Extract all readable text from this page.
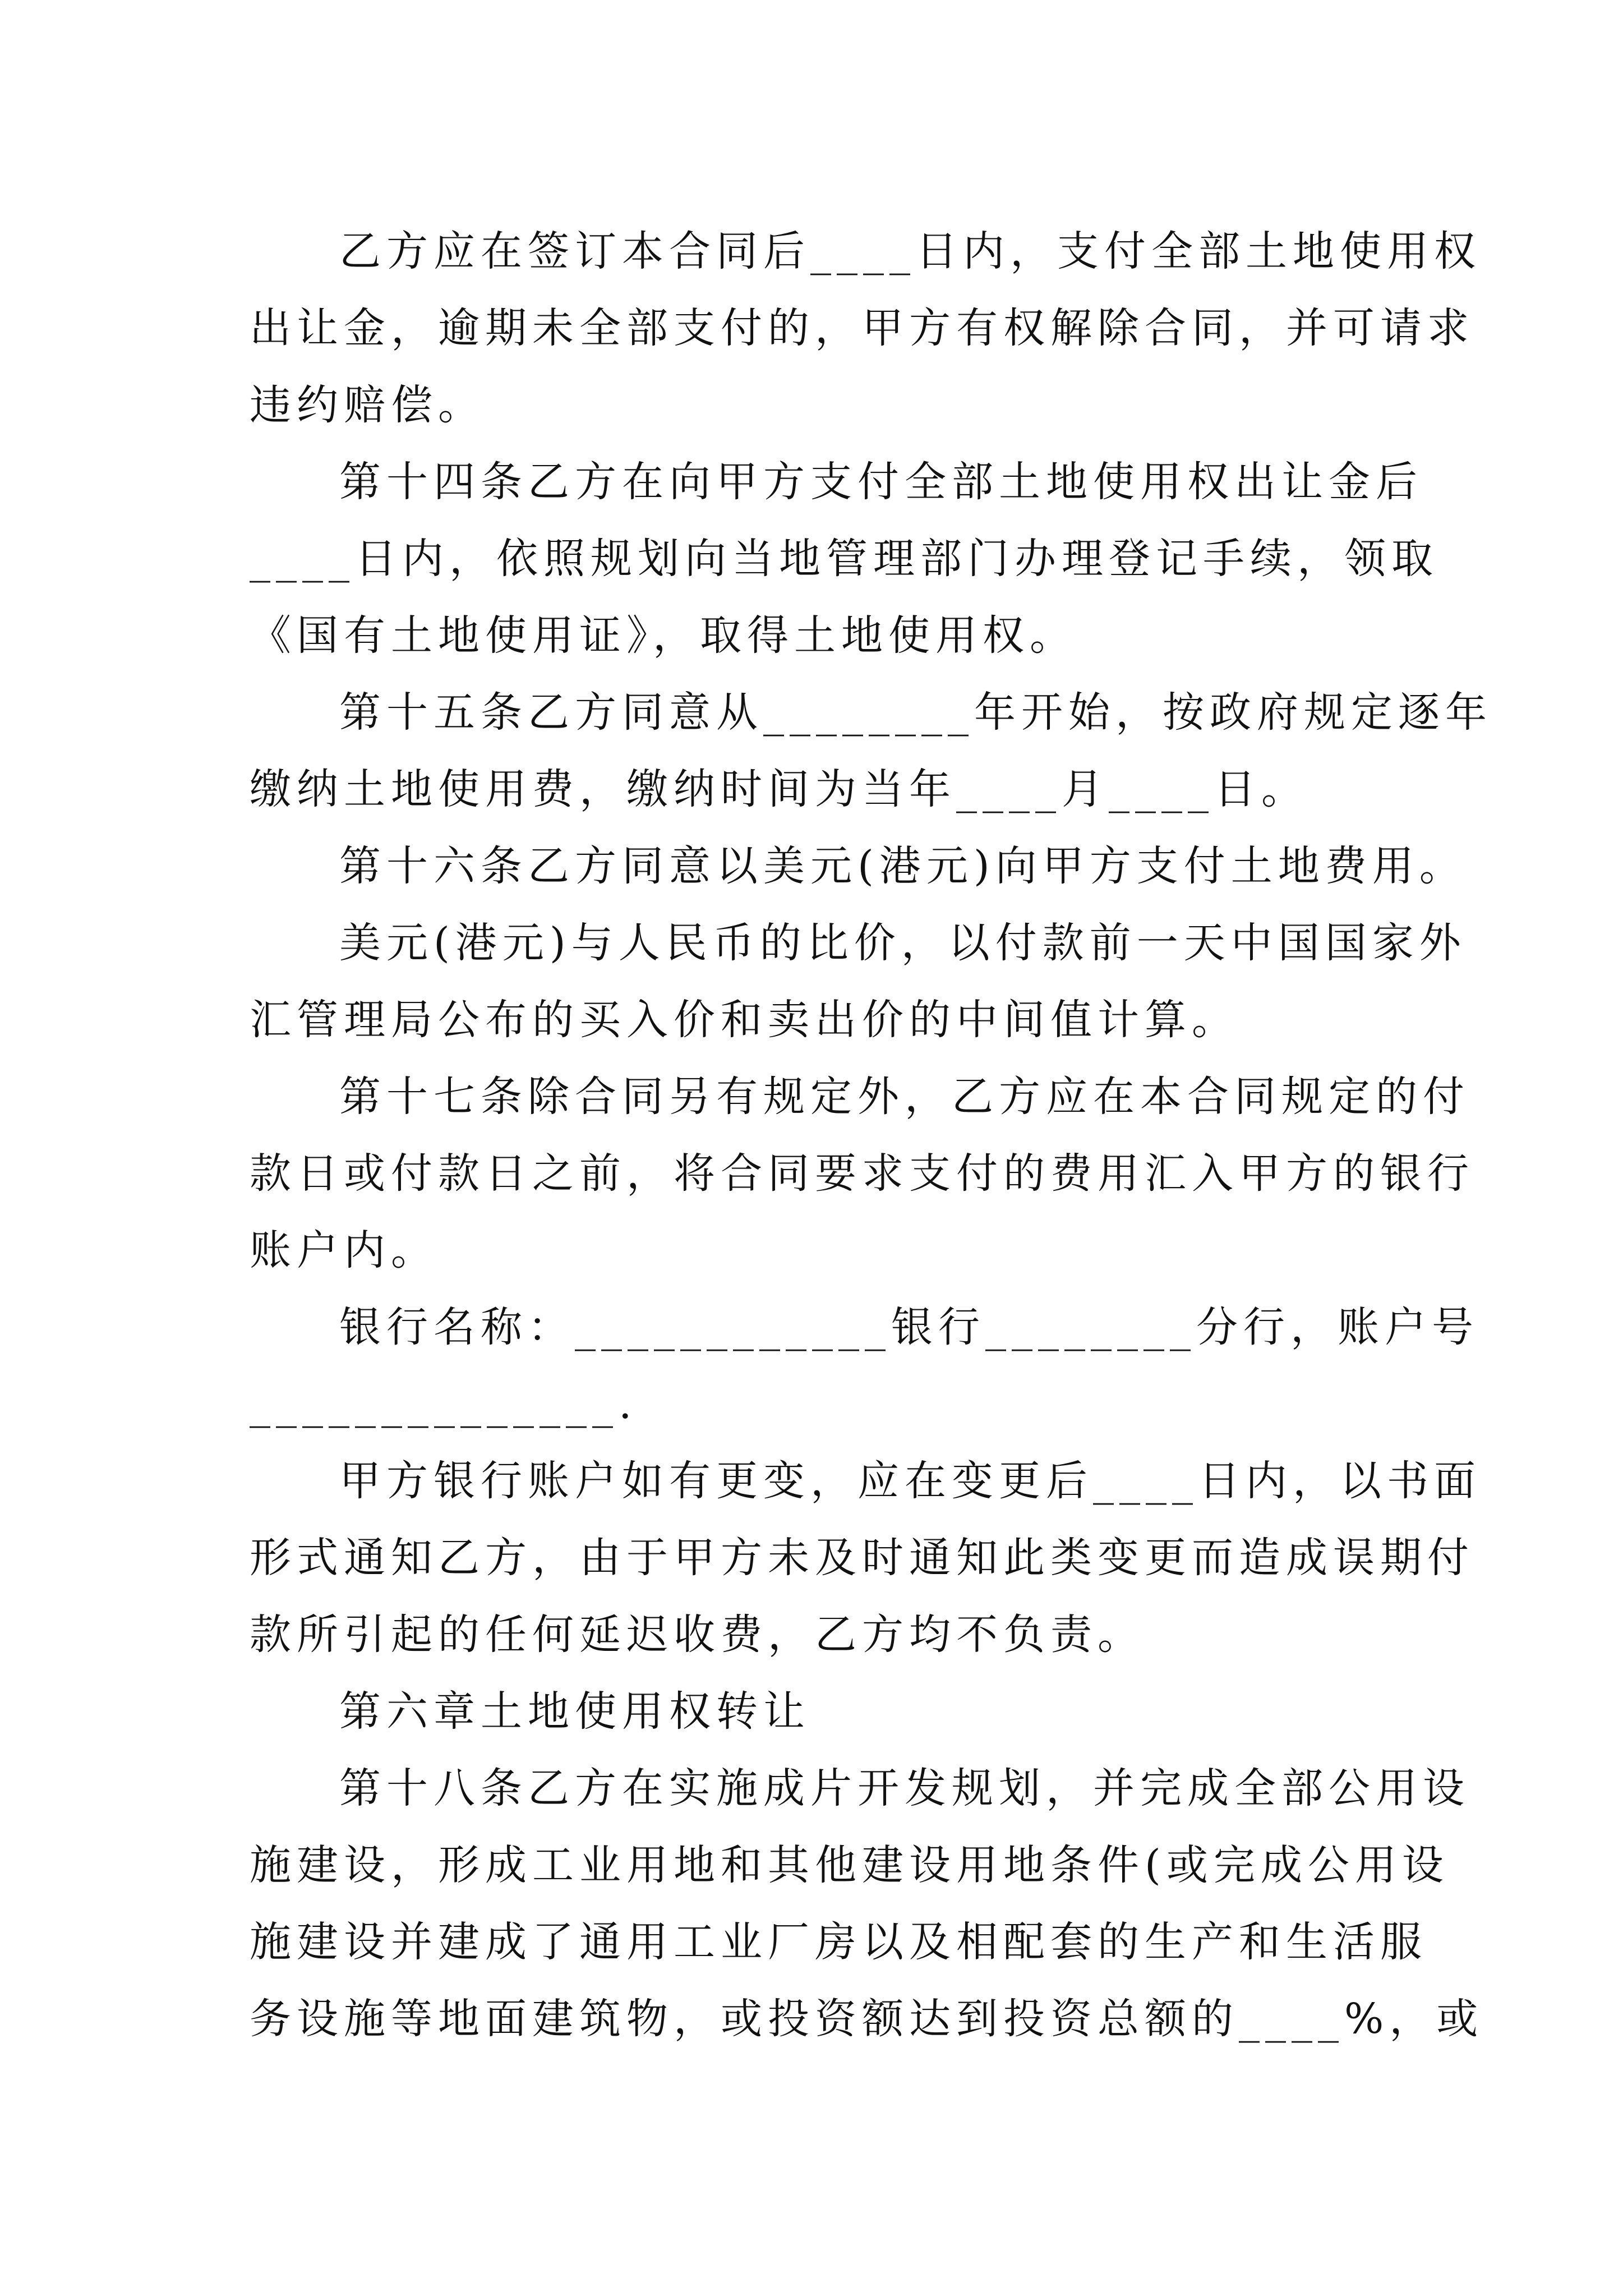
乙方应在签订本合同后____日内，支付全部土地使用权

出让金，逾期未全部支付的，甲方有权解除合同，并可请求

违约赔偿。

第十四条乙方在向甲方支付全部土地使用权出让金后

____日内，依照规划向当地管理部门办理登记手续，领取

《国有土地使用证》，取得土地使用权。

第十五条乙方同意从________年开始，按政府规定逐年

缴纳土地使用费，缴纳时间为当年____月____日。

第十六条乙方同意以美元(港元)向甲方支付土地费用。

美元(港元)与人民币的比价，以付款前一天中国国家外

汇管理局公布的买入价和卖出价的中间值计算。

第十七条除合同另有规定外，乙方应在本合同规定的付

款日或付款日之前，将合同要求支付的费用汇入甲方的银行

账户内。

银行名称：____________银行________分行，账户号

______________.

甲方银行账户如有更变，应在变更后____日内，以书面

形式通知乙方，由于甲方未及时通知此类变更而造成误期付

款所引起的任何延迟收费，乙方均不负责。

第六章土地使用权转让

第十八条乙方在实施成片开发规划，并完成全部公用设

施建设，形成工业用地和其他建设用地条件(或完成公用设

施建设并建成了通用工业厂房以及相配套的生产和生活服

务设施等地面建筑物，或投资额达到投资总额的____%，或
